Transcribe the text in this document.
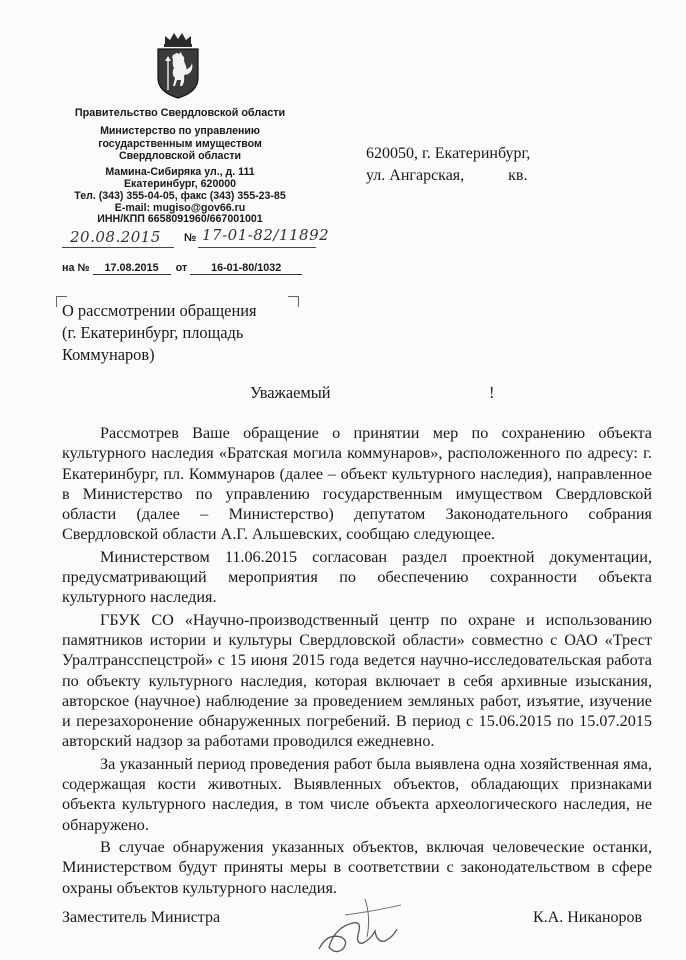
Правительство Свердловской области
Министерство по управлению
государственным имуществом
Свердловской области
Мамина-Сибиряка ул., д. 111
Екатеринбург, 620000
Тел. (343) 355-04-05, факс (343) 355-23-85
E-mail: mugiso@gov66.ru
ИНН/КПП 6658091960/667001001
20.08.2015 № 17-01-82/11892
на № 17.08.2015 от 16-01-80/1032
620050, г. Екатеринбург,
ул. Ангарская,	кв.
О рассмотрении обращения
(г. Екатеринбург, площадь
Коммунаров)
Уважаемый	!

Рассмотрев Ваше обращение о принятии мер по сохранению объекта культурного наследия «Братская могила коммунаров», расположенного по адресу: г. Екатеринбург, пл. Коммунаров (далее – объект культурного наследия), направленное в Министерство по управлению государственным имуществом Свердловской области (далее – Министерство) депутатом Законодательного собрания Свердловской области А.Г. Альшевских, сообщаю следующее.

Министерством 11.06.2015 согласован раздел проектной документации, предусматривающий мероприятия по обеспечению сохранности объекта культурного наследия.

ГБУК СО «Научно-производственный центр по охране и использованию памятников истории и культуры Свердловской области» совместно с ОАО «Трест Уралтрансспецстрой» с 15 июня 2015 года ведется научно-исследовательская работа по объекту культурного наследия, которая включает в себя архивные изыскания, авторское (научное) наблюдение за проведением земляных работ, изъятие, изучение и перезахоронение обнаруженных погребений. В период с 15.06.2015 по 15.07.2015 авторский надзор за работами проводился ежедневно.

За указанный период проведения работ была выявлена одна хозяйственная яма, содержащая кости животных. Выявленных объектов, обладающих признаками объекта культурного наследия, в том числе объекта археологического наследия, не обнаружено.

В случае обнаружения указанных объектов, включая человеческие останки, Министерством будут приняты меры в соответствии с законодательством в сфере охраны объектов культурного наследия.

Заместитель Министра	К.А. Никаноров
